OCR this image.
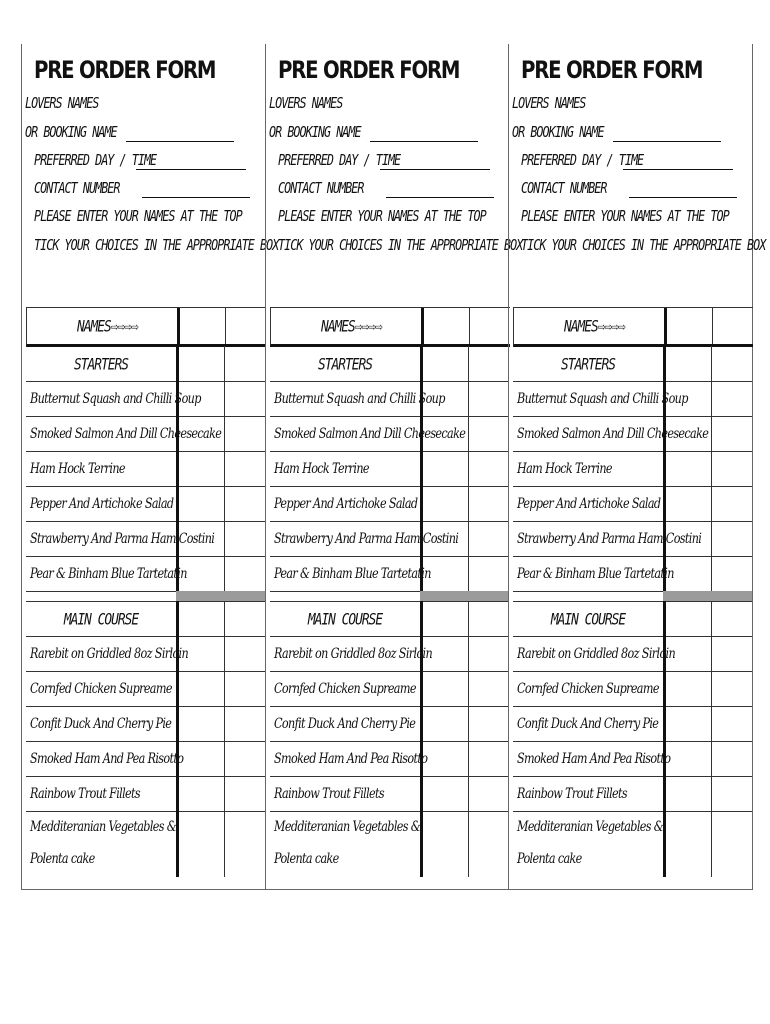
PRE ORDER FORM
LOVERS NAMES
OR BOOKING NAME
PREFERRED DAY / TIME
CONTACT NUMBER
PLEASE ENTER YOUR NAMES AT THE TOP
TICK YOUR CHOICES IN THE APPROPRIATE BOX
NAMES⇨⇨⇨⇨
STARTERS
Butternut Squash and Chilli Soup
Smoked Salmon And Dill Cheesecake
Ham Hock Terrine
Pepper And Artichoke Salad
Strawberry And Parma Ham Costini
Pear & Binham Blue Tartetatin
MAIN COURSE
Rarebit on Griddled 8oz Sirloin
Cornfed Chicken Supreame
Confit Duck And Cherry Pie
Smoked Ham And Pea Risotto
Rainbow Trout Fillets
Medditeranian Vegetables &
Polenta cake
PRE ORDER FORM
LOVERS NAMES
OR BOOKING NAME
PREFERRED DAY / TIME
CONTACT NUMBER
PLEASE ENTER YOUR NAMES AT THE TOP
TICK YOUR CHOICES IN THE APPROPRIATE BOX
NAMES⇨⇨⇨⇨
STARTERS
Butternut Squash and Chilli Soup
Smoked Salmon And Dill Cheesecake
Ham Hock Terrine
Pepper And Artichoke Salad
Strawberry And Parma Ham Costini
Pear & Binham Blue Tartetatin
MAIN COURSE
Rarebit on Griddled 8oz Sirloin
Cornfed Chicken Supreame
Confit Duck And Cherry Pie
Smoked Ham And Pea Risotto
Rainbow Trout Fillets
Medditeranian Vegetables &
Polenta cake
PRE ORDER FORM
LOVERS NAMES
OR BOOKING NAME
PREFERRED DAY / TIME
CONTACT NUMBER
PLEASE ENTER YOUR NAMES AT THE TOP
TICK YOUR CHOICES IN THE APPROPRIATE BOX
NAMES⇨⇨⇨⇨
STARTERS
Butternut Squash and Chilli Soup
Smoked Salmon And Dill Cheesecake
Ham Hock Terrine
Pepper And Artichoke Salad
Strawberry And Parma Ham Costini
Pear & Binham Blue Tartetatin
MAIN COURSE
Rarebit on Griddled 8oz Sirloin
Cornfed Chicken Supreame
Confit Duck And Cherry Pie
Smoked Ham And Pea Risotto
Rainbow Trout Fillets
Medditeranian Vegetables &
Polenta cake
